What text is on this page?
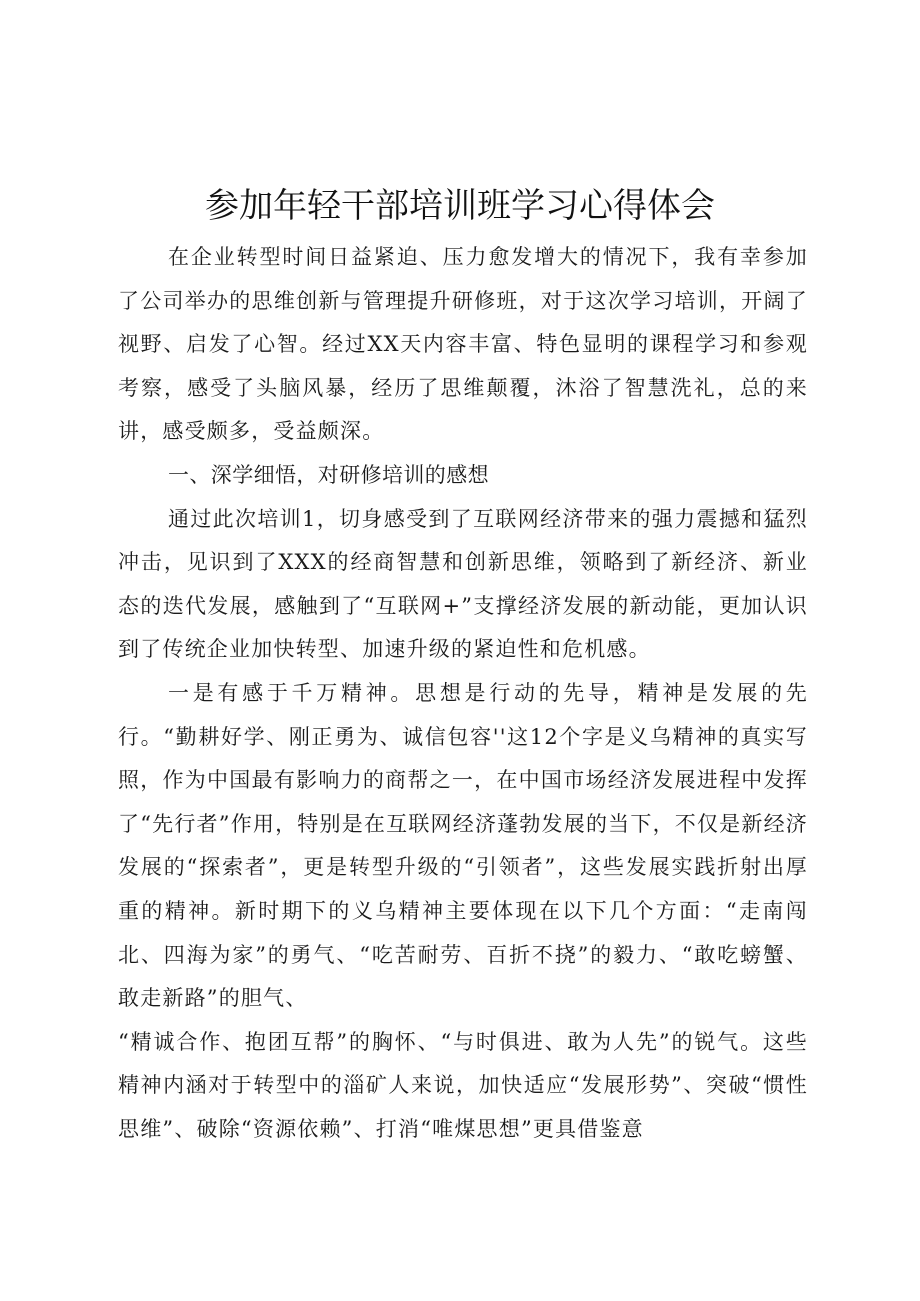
参加年轻干部培训班学习心得体会

在企业转型时间日益紧迫、压力愈发增大的情况下，我有幸参加了公司举办的思维创新与管理提升研修班，对于这次学习培训，开阔了视野、启发了心智。经过XX天内容丰富、特色显明的课程学习和参观考察，感受了头脑风暴，经历了思维颠覆，沐浴了智慧洗礼，总的来讲，感受颇多，受益颇深。

一、深学细悟，对研修培训的感想

通过此次培训1，切身感受到了互联网经济带来的强力震撼和猛烈冲击，见识到了XXX的经商智慧和创新思维，领略到了新经济、新业态的迭代发展，感触到了“互联网+”支撑经济发展的新动能，更加认识到了传统企业加快转型、加速升级的紧迫性和危机感。

一是有感于千万精神。思想是行动的先导，精神是发展的先行。“勤耕好学、刚正勇为、诚信包容''这12个字是义乌精神的真实写照，作为中国最有影响力的商帮之一，在中国市场经济发展进程中发挥了“先行者”作用，特别是在互联网经济蓬勃发展的当下，不仅是新经济发展的“探索者”，更是转型升级的“引领者”，这些发展实践折射出厚重的精神。新时期下的义乌精神主要体现在以下几个方面：“走南闯北、四海为家”的勇气、“吃苦耐劳、百折不挠”的毅力、“敢吃螃蟹、敢走新路”的胆气、

“精诚合作、抱团互帮”的胸怀、“与时俱进、敢为人先”的锐气。这些精神内涵对于转型中的淄矿人来说，加快适应“发展形势”、突破“惯性思维”、破除“资源依赖”、打消“唯煤思想”更具借鉴意
